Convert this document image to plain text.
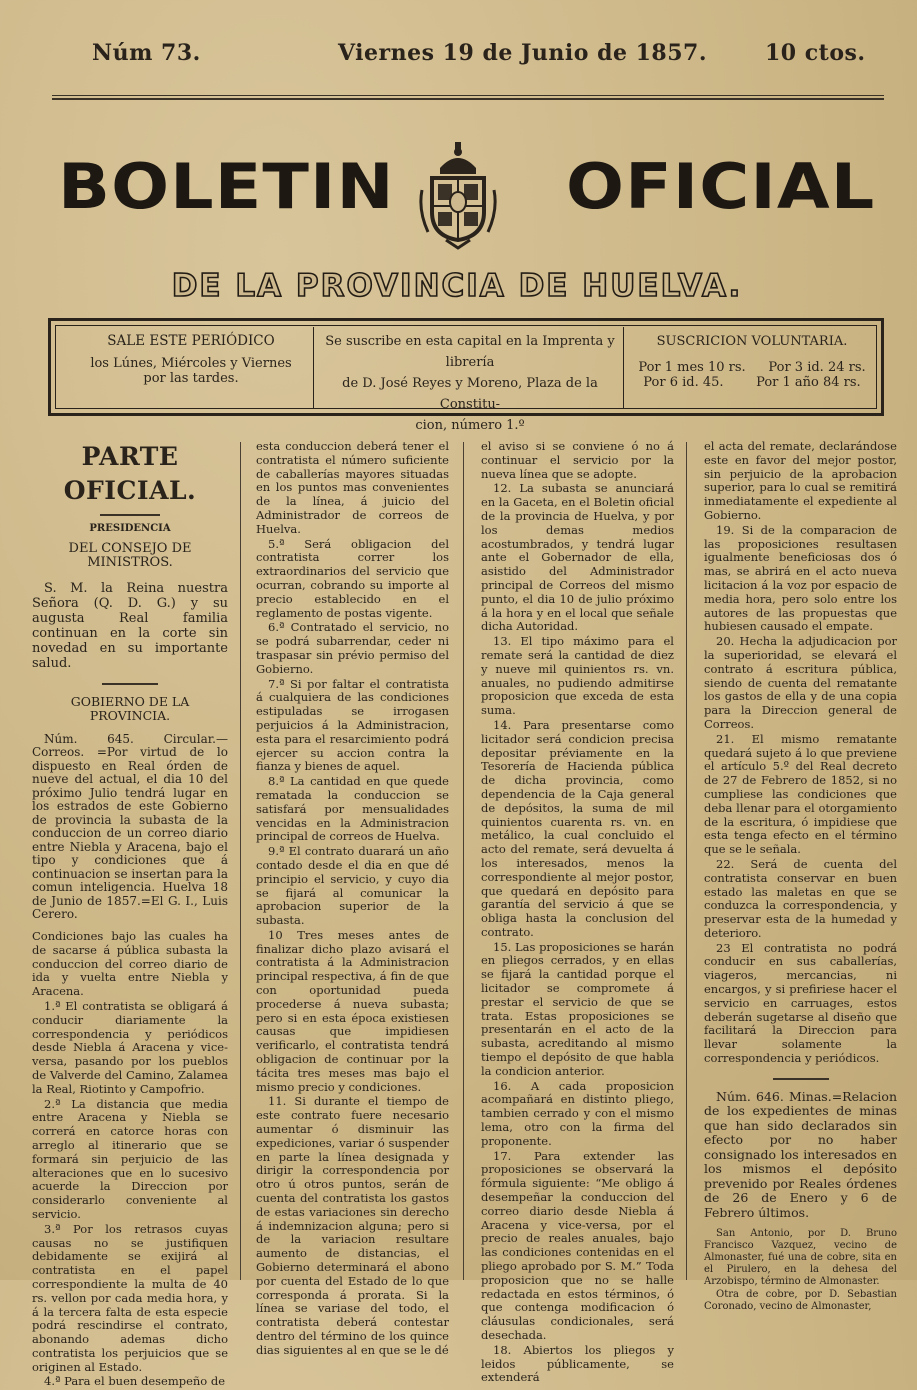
Núm 73.	Viernes 19 de Junio de 1857.	10 ctos.
BOLETIN	OFICIAL
DE LA PROVINCIA DE HUELVA.
SALE ESTE PERIÓDICO
los Lúnes, Miércoles y Viernes
por las tardes.
Se suscribe en esta capital en la Imprenta y librería
de D. José Reyes y Moreno, Plaza de la Constitu-
cion, número 1.º
SUSCRICION VOLUNTARIA.
Por 1 mes 10 rs. Por 3 id. 24 rs.
Por 6 id. 45.	Por 1 año 84 rs.
PARTE OFICIAL.
PRESIDENCIA
DEL CONSEJO DE MINISTROS.

S. M. la Reina nuestra Señora (Q. D. G.) y su augusta Real familia continuan en la corte sin novedad en su importante salud.

GOBIERNO DE LA PROVINCIA.

Núm. 645. Circular.—Correos. =Por virtud de lo dispuesto en Real órden de nueve del actual, el dia 10 del próximo Julio tendrá lugar en los estrados de este Gobierno de provincia la subasta de la conduccion de un correo diario entre Niebla y Aracena, bajo el tipo y condiciones que á continuacion se insertan para la comun inteligencia. Huelva 18 de Junio de 1857.=El G. I., Luis Cerero.

Condiciones bajo las cuales ha de sacarse á pública subasta la conduccion del correo diario de ida y vuelta entre Niebla y Aracena.

1.ª El contratista se obligará á conducir diariamente la correspondencia y periódicos desde Niebla á Aracena y vice-versa, pasando por los pueblos de Valverde del Camino, Zalamea la Real, Riotinto y Campofrio.

2.ª La distancia que media entre Aracena y Niebla se correrá en catorce horas con arreglo al itinerario que se formará sin perjuicio de las alteraciones que en lo sucesivo acuerde la Direccion por considerarlo conveniente al servicio.

3.ª Por los retrasos cuyas causas no se justifiquen debidamente se exijirá al contratista en el papel correspondiente la multa de 40 rs. vellon por cada media hora, y á la tercera falta de esta especie podrá rescindirse el contrato, abonando ademas dicho contratista los perjuicios que se originen al Estado.

4.ª Para el buen desempeño de

esta conduccion deberá tener el contratista el número suficiente de caballerías mayores situadas en los puntos mas convenientes de la línea, á juicio del Administrador de correos de Huelva.

5.ª Será obligacion del contratista correr los extraordinarios del servicio que ocurran, cobrando su importe al precio establecido en el reglamento de postas vigente.

6.ª Contratado el servicio, no se podrá subarrendar, ceder ni traspasar sin prévio permiso del Gobierno.

7.ª Si por faltar el contratista á cualquiera de las condiciones estipuladas se irrogasen perjuicios á la Administracion, esta para el resarcimiento podrá ejercer su accion contra la fianza y bienes de aquel.

8.ª La cantidad en que quede rematada la conduccion se satisfará por mensualidades vencidas en la Administracion principal de correos de Huelva.

9.ª El contrato duarará un año contado desde el dia en que dé principio el servicio, y cuyo dia se fijará al comunicar la aprobacion superior de la subasta.

10 Tres meses antes de finalizar dicho plazo avisará el contratista á la Administracion principal respectiva, á fin de que con oportunidad pueda procederse á nueva subasta; pero si en esta época existiesen causas que impidiesen verificarlo, el contratista tendrá obligacion de continuar por la tácita tres meses mas bajo el mismo precio y condiciones.

11. Si durante el tiempo de este contrato fuere necesario aumentar ó disminuir las expediciones, variar ó suspender en parte la línea designada y dirigir la correspondencia por otro ú otros puntos, serán de cuenta del contratista los gastos de estas variaciones sin derecho á indemnizacion alguna; pero si de la variacion resultare aumento de distancias, el Gobierno determinará el abono por cuenta del Estado de lo que corresponda á prorata. Si la línea se variase del todo, el contratista deberá contestar dentro del término de los quince dias siguientes al en que se le dé

el aviso si se conviene ó no á continuar el servicio por la nueva línea que se adopte.

12. La subasta se anunciará en la Gaceta, en el Boletin oficial de la provincia de Huelva, y por los demas medios acostumbrados, y tendrá lugar ante el Gobernador de ella, asistido del Administrador principal de Correos del mismo punto, el dia 10 de julio próximo á la hora y en el local que señale dicha Autoridad.

13. El tipo máximo para el remate será la cantidad de diez y nueve mil quinientos rs. vn. anuales, no pudiendo admitirse proposicion que exceda de esta suma.

14. Para presentarse como licitador será condicion precisa depositar préviamente en la Tesorería de Hacienda pública de dicha provincia, como dependencia de la Caja general de depósitos, la suma de mil quinientos cuarenta rs. vn. en metálico, la cual concluido el acto del remate, será devuelta á los interesados, menos la correspondiente al mejor postor, que quedará en depósito para garantía del servicio á que se obliga hasta la conclusion del contrato.

15. Las proposiciones se harán en pliegos cerrados, y en ellas se fijará la cantidad porque el licitador se compromete á prestar el servicio de que se trata. Estas proposiciones se presentarán en el acto de la subasta, acreditando al mismo tiempo el depósito de que habla la condicion anterior.

16. A cada proposicion acompañará en distinto pliego, tambien cerrado y con el mismo lema, otro con la firma del proponente.

17. Para extender las proposiciones se observará la fórmula siguiente: “Me obligo á desempeñar la conduccion del correo diario desde Niebla á Aracena y vice-versa, por el precio de reales anuales, bajo las condiciones contenidas en el pliego aprobado por S. M.” Toda proposicion que no se halle redactada en estos términos, ó que contenga modificacion ó cláusulas condicionales, será desechada.

18. Abiertos los pliegos y leidos públicamente, se extenderá

el acta del remate, declarándose este en favor del mejor postor, sin perjuicio de la aprobacion superior, para lo cual se remitirá inmediatamente el expediente al Gobierno.

19. Si de la comparacion de las proposiciones resultasen igualmente beneficiosas dos ó mas, se abrirá en el acto nueva licitacion á la voz por espacio de media hora, pero solo entre los autores de las propuestas que hubiesen causado el empate.

20. Hecha la adjudicacion por la superioridad, se elevará el contrato á escritura pública, siendo de cuenta del rematante los gastos de ella y de una copia para la Direccion general de Correos.

21. El mismo rematante quedará sujeto á lo que previene el artículo 5.º del Real decreto de 27 de Febrero de 1852, si no cumpliese las condiciones que deba llenar para el otorgamiento de la escritura, ó impidiese que esta tenga efecto en el término que se le señala.

22. Será de cuenta del contratista conservar en buen estado las maletas en que se conduzca la correspondencia, y preservar esta de la humedad y deterioro.

23 El contratista no podrá conducir en sus caballerías, viageros, mercancias, ni encargos, y si prefiriese hacer el servicio en carruages, estos deberán sugetarse al diseño que facilitará la Direccion para llevar solamente la correspondencia y periódicos.

Núm. 646. Minas.=Relacion de los expedientes de minas que han sido declarados sin efecto por no haber consignado los interesados en los mismos el depósito prevenido por Reales órdenes de 26 de Enero y 6 de Febrero últimos.

San Antonio, por D. Bruno Francisco Vazquez, vecino de Almonaster, fué una de cobre, sita en el Pirulero, en la dehesa del Arzobispo, término de Almonaster.

Otra de cobre, por D. Sebastian Coronado, vecino de Almonaster,
